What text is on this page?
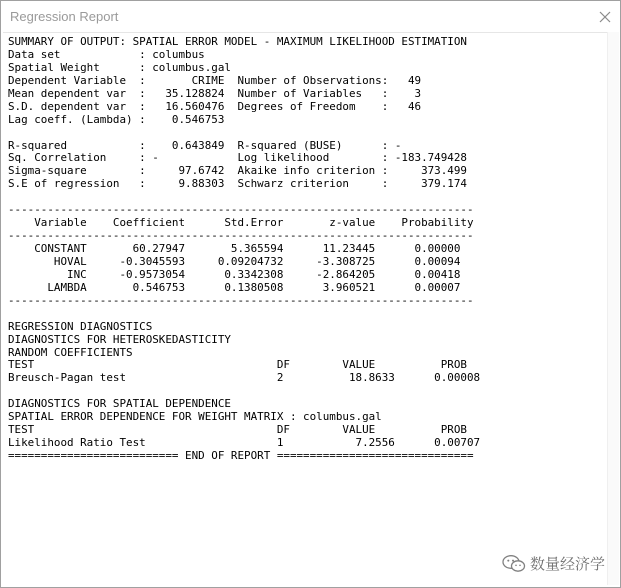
Regression Report
SUMMARY OF OUTPUT: SPATIAL ERROR MODEL - MAXIMUM LIKELIHOOD ESTIMATION
Data set            : columbus
Spatial Weight      : columbus.gal
Dependent Variable  :       CRIME  Number of Observations:   49
Mean dependent var  :   35.128824  Number of Variables   :    3
S.D. dependent var  :   16.560476  Degrees of Freedom    :   46
Lag coeff. (Lambda) :    0.546753

R-squared           :    0.643849  R-squared (BUSE)      : -
Sq. Correlation     : -            Log likelihood        : -183.749428
Sigma-square        :     97.6742  Akaike info criterion :     373.499
S.E of regression   :     9.88303  Schwarz criterion     :     379.174

-----------------------------------------------------------------------
Variable    Coefficient      Std.Error       z-value    Probability
-----------------------------------------------------------------------
CONSTANT       60.27947       5.365594      11.23445      0.00000
HOVAL     -0.3045593     0.09204732     -3.308725      0.00094
INC     -0.9573054      0.3342308     -2.864205      0.00418
LAMBDA       0.546753      0.1380508      3.960521      0.00007
-----------------------------------------------------------------------

REGRESSION DIAGNOSTICS
DIAGNOSTICS FOR HETEROSKEDASTICITY
RANDOM COEFFICIENTS
TEST                                     DF        VALUE          PROB
Breusch-Pagan test                       2          18.8633      0.00008

DIAGNOSTICS FOR SPATIAL DEPENDENCE
SPATIAL ERROR DEPENDENCE FOR WEIGHT MATRIX : columbus.gal
TEST                                     DF        VALUE          PROB
Likelihood Ratio Test                    1           7.2556      0.00707
========================== END OF REPORT ==============================
数量经济学
